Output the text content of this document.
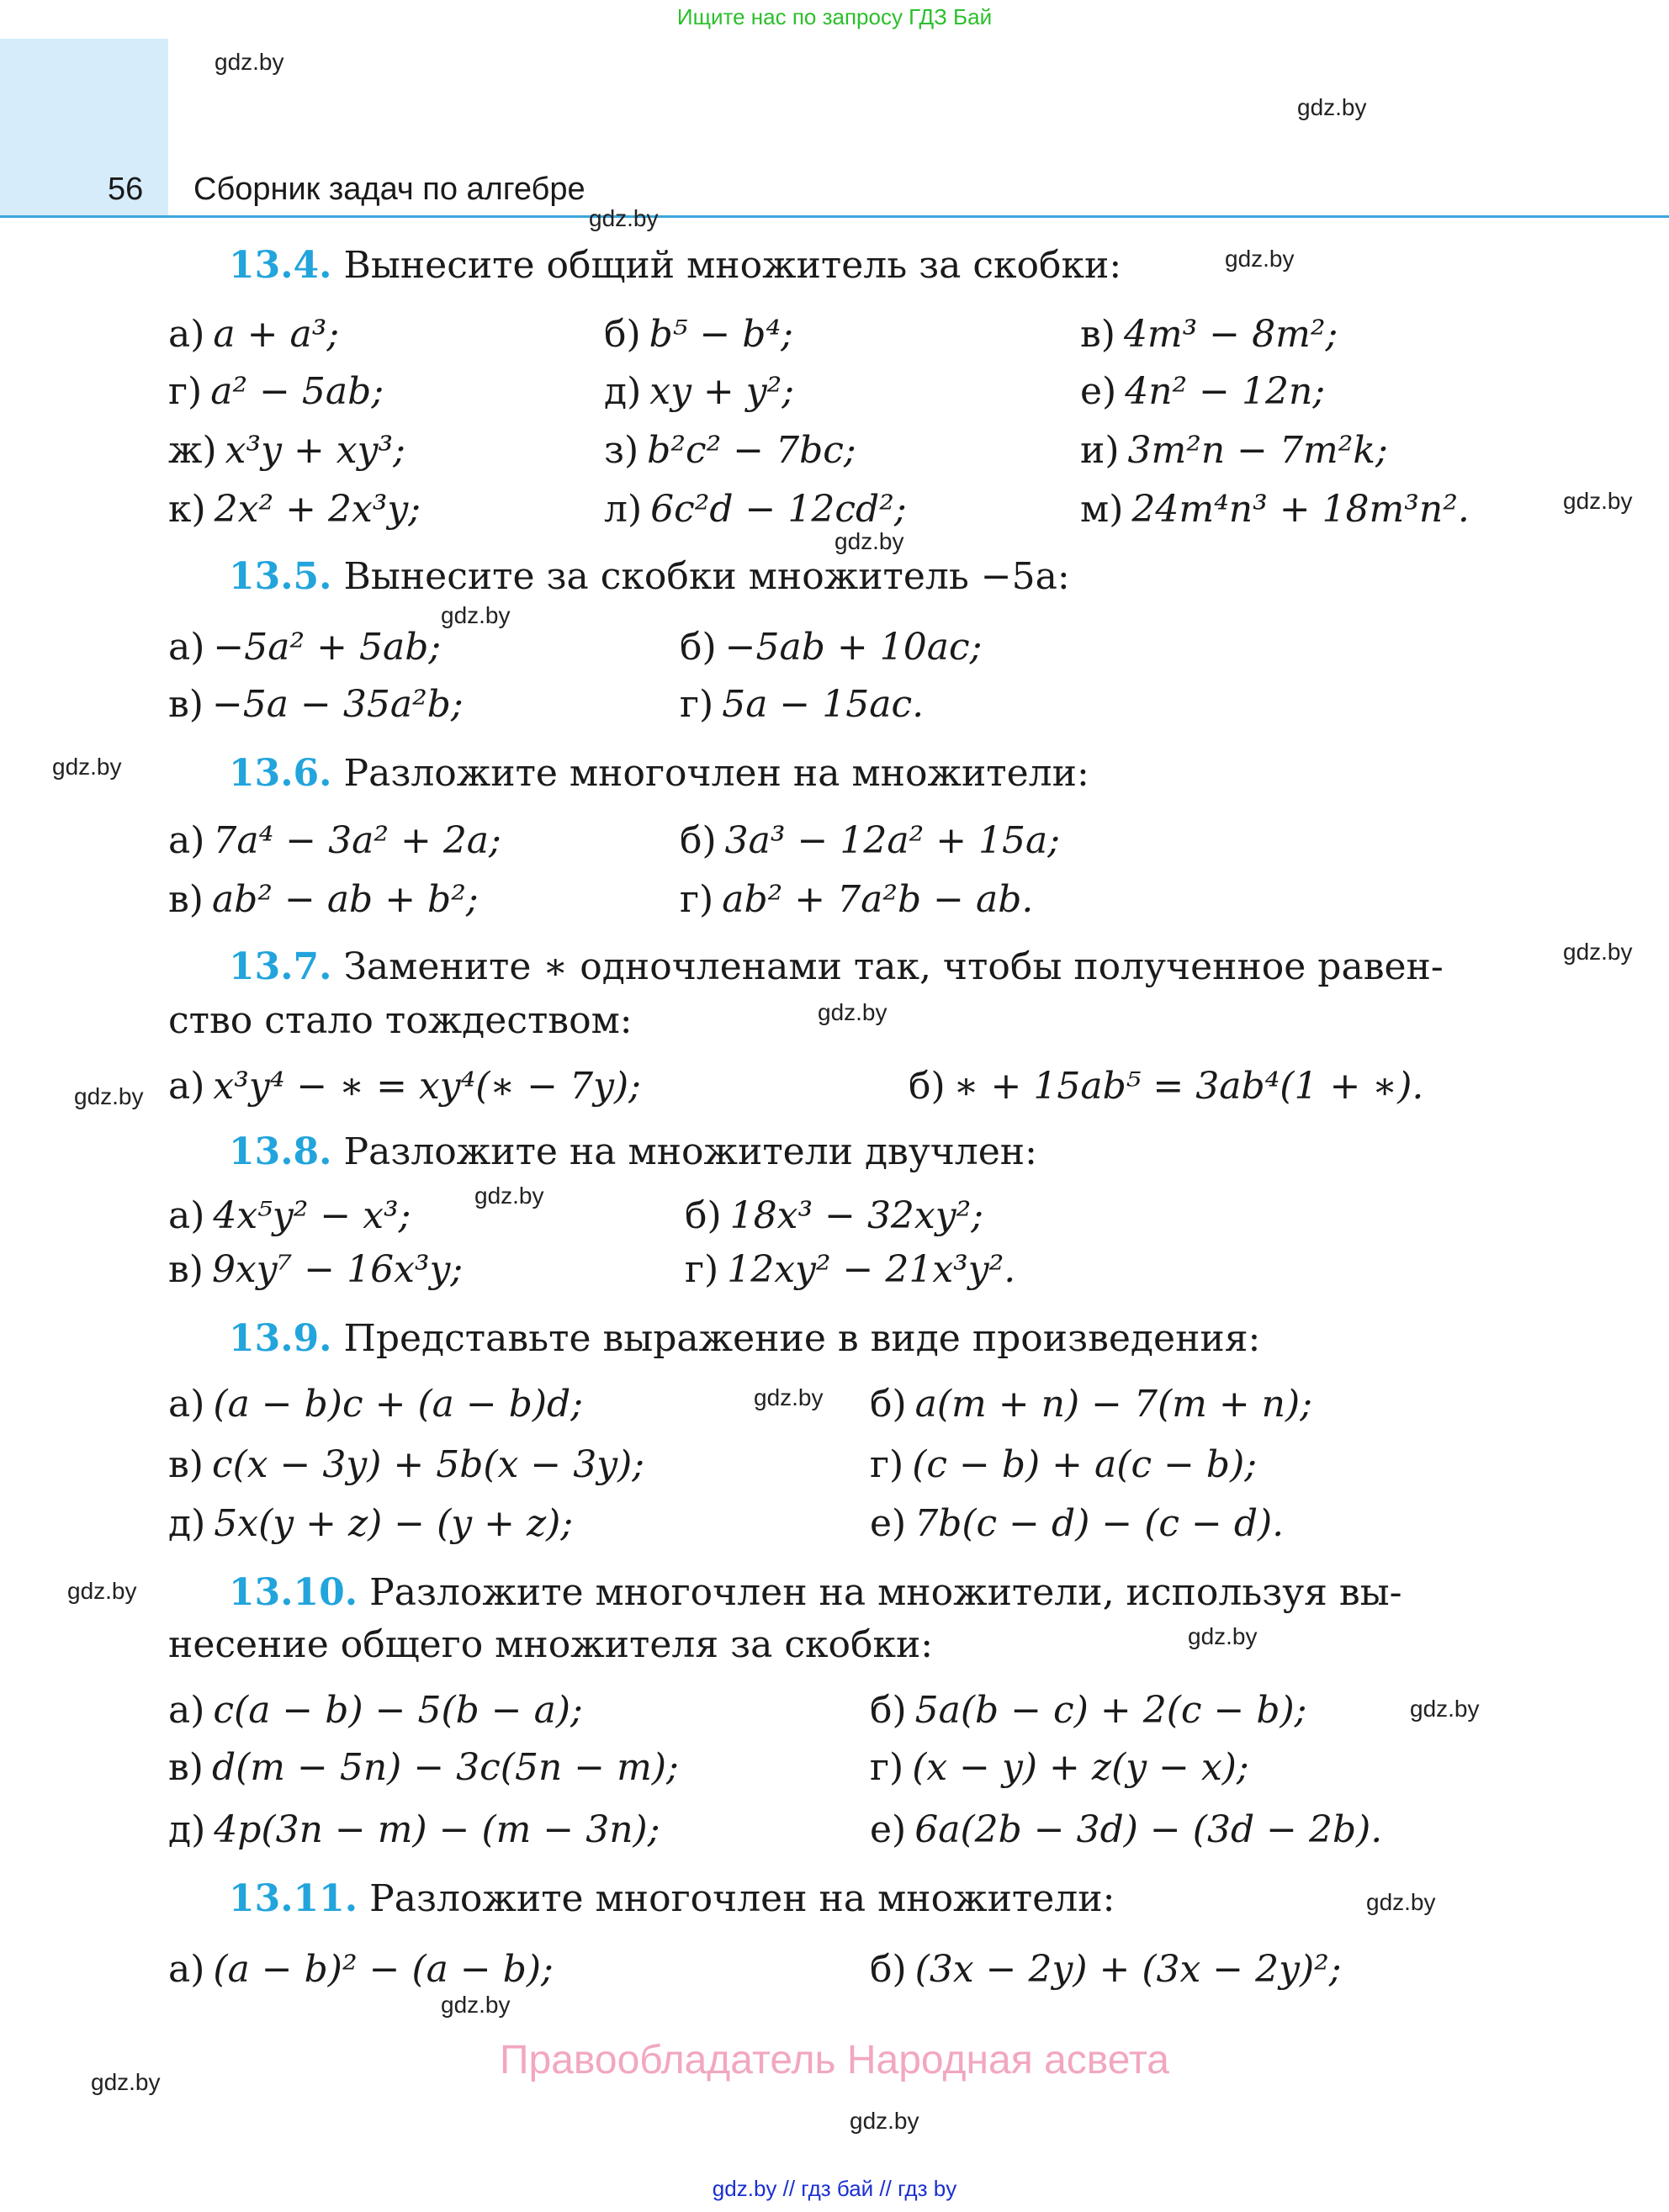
Ищите нас по запросу ГДЗ Бай
56 Сборник задач по алгебре
gdz.by
gdz.by
gdz.by
gdz.by
gdz.by
gdz.by
gdz.by
gdz.by
gdz.by
gdz.by
gdz.by
gdz.by
gdz.by
gdz.by
gdz.by
gdz.by
gdz.by
gdz.by
gdz.by
gdz.by
13.4. Вынесите общий множитель за скобки:
а) a + a³;	б) b⁵ − b⁴;	в) 4m³ − 8m²;
г) a² − 5ab;	д) xy + y²;	е) 4n² − 12n;
ж) x³y + xy³;	з) b²c² − 7bc;	и) 3m²n − 7m²k;
к) 2x² + 2x³y;	л) 6c²d − 12cd²;	м) 24m⁴n³ + 18m³n².
13.5. Вынесите за скобки множитель −5a:
а) −5a² + 5ab;	б) −5ab + 10ac;
в) −5a − 35a²b;	г) 5a − 15ac.
13.6. Разложите многочлен на множители:
а) 7a⁴ − 3a² + 2a;	б) 3a³ − 12a² + 15a;
в) ab² − ab + b²;	г) ab² + 7a²b − ab.
13.7. Замените ∗ одночленами так, чтобы полученное равен-
ство стало тождеством:
а) x³y⁴ − ∗ = xy⁴(∗ − 7y);	б) ∗ + 15ab⁵ = 3ab⁴(1 + ∗).
13.8. Разложите на множители двучлен:
а) 4x⁵y² − x³;	б) 18x³ − 32xy²;
в) 9xy⁷ − 16x³y;	г) 12xy² − 21x³y².
13.9. Представьте выражение в виде произведения:
а) (a − b)c + (a − b)d;	б) a(m + n) − 7(m + n);
в) c(x − 3y) + 5b(x − 3y);	г) (c − b) + a(c − b);
д) 5x(y + z) − (y + z);	е) 7b(c − d) − (c − d).
13.10. Разложите многочлен на множители, используя вы-
несение общего множителя за скобки:
а) c(a − b) − 5(b − a);	б) 5a(b − c) + 2(c − b);
в) d(m − 5n) − 3c(5n − m);	г) (x − y) + z(y − x);
д) 4p(3n − m) − (m − 3n);	е) 6a(2b − 3d) − (3d − 2b).
13.11. Разложите многочлен на множители:
а) (a − b)² − (a − b);	б) (3x − 2y) + (3x − 2y)²;
Правообладатель Народная асвета
gdz.by // гдз бай // гдз by
